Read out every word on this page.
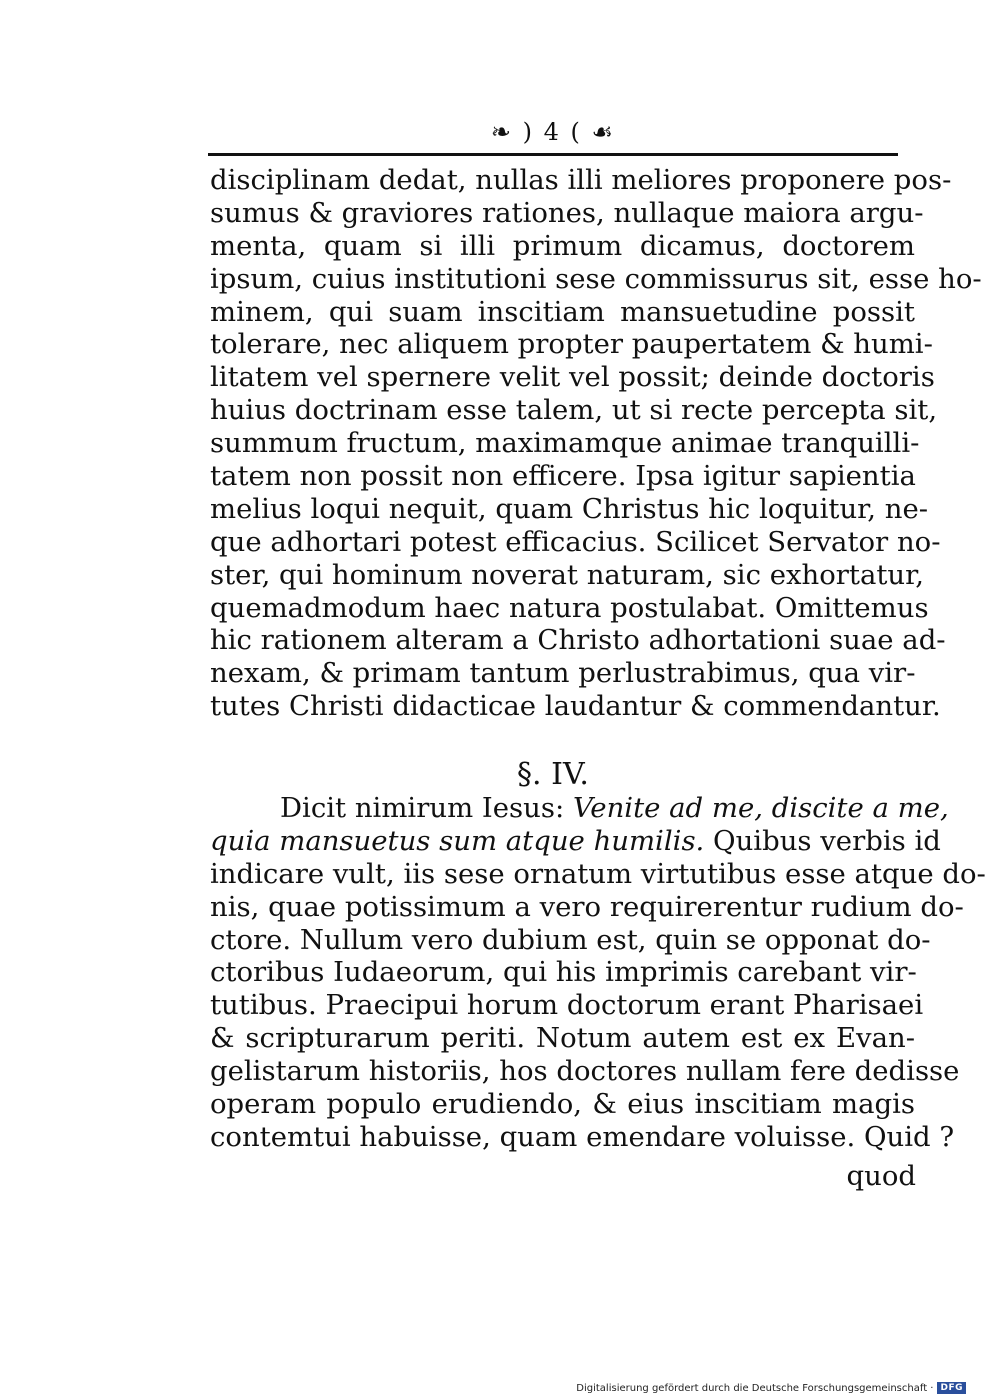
❧ ) 4 ( ☙
disciplinam dedat, nullas illi meliores proponere pos-
sumus & graviores rationes, nullaque maiora argu-
menta, quam si illi primum dicamus, doctorem
ipsum, cuius institutioni sese commissurus sit, esse ho-
minem, qui suam inscitiam mansuetudine possit
tolerare, nec aliquem propter paupertatem & humi-
litatem vel spernere velit vel possit; deinde doctoris
huius doctrinam esse talem, ut si recte percepta sit,
summum fructum, maximamque animae tranquilli-
tatem non possit non efficere. Ipsa igitur sapientia
melius loqui nequit, quam Christus hic loquitur, ne-
que adhortari potest efficacius. Scilicet Servator no-
ster, qui hominum noverat naturam, sic exhortatur,
quemadmodum haec natura postulabat. Omittemus
hic rationem alteram a Christo adhortationi suae ad-
nexam, & primam tantum perlustrabimus, qua vir-
tutes Christi didacticae laudantur & commendantur.
§. IV.
Dicit nimirum Iesus: Venite ad me, discite a me,
quia mansuetus sum atque humilis. Quibus verbis id
indicare vult, iis sese ornatum virtutibus esse atque do-
nis, quae potissimum a vero requirerentur rudium do-
ctore. Nullum vero dubium est, quin se opponat do-
ctoribus Iudaeorum, qui his imprimis carebant vir-
tutibus. Praecipui horum doctorum erant Pharisaei
& scripturarum periti. Notum autem est ex Evan-
gelistarum historiis, hos doctores nullam fere dedisse
operam populo erudiendo, & eius inscitiam magis
contemtui habuisse, quam emendare voluisse. Quid ?
quod
Digitalisierung gefördert durch die Deutsche Forschungsgemeinschaft · DFG
